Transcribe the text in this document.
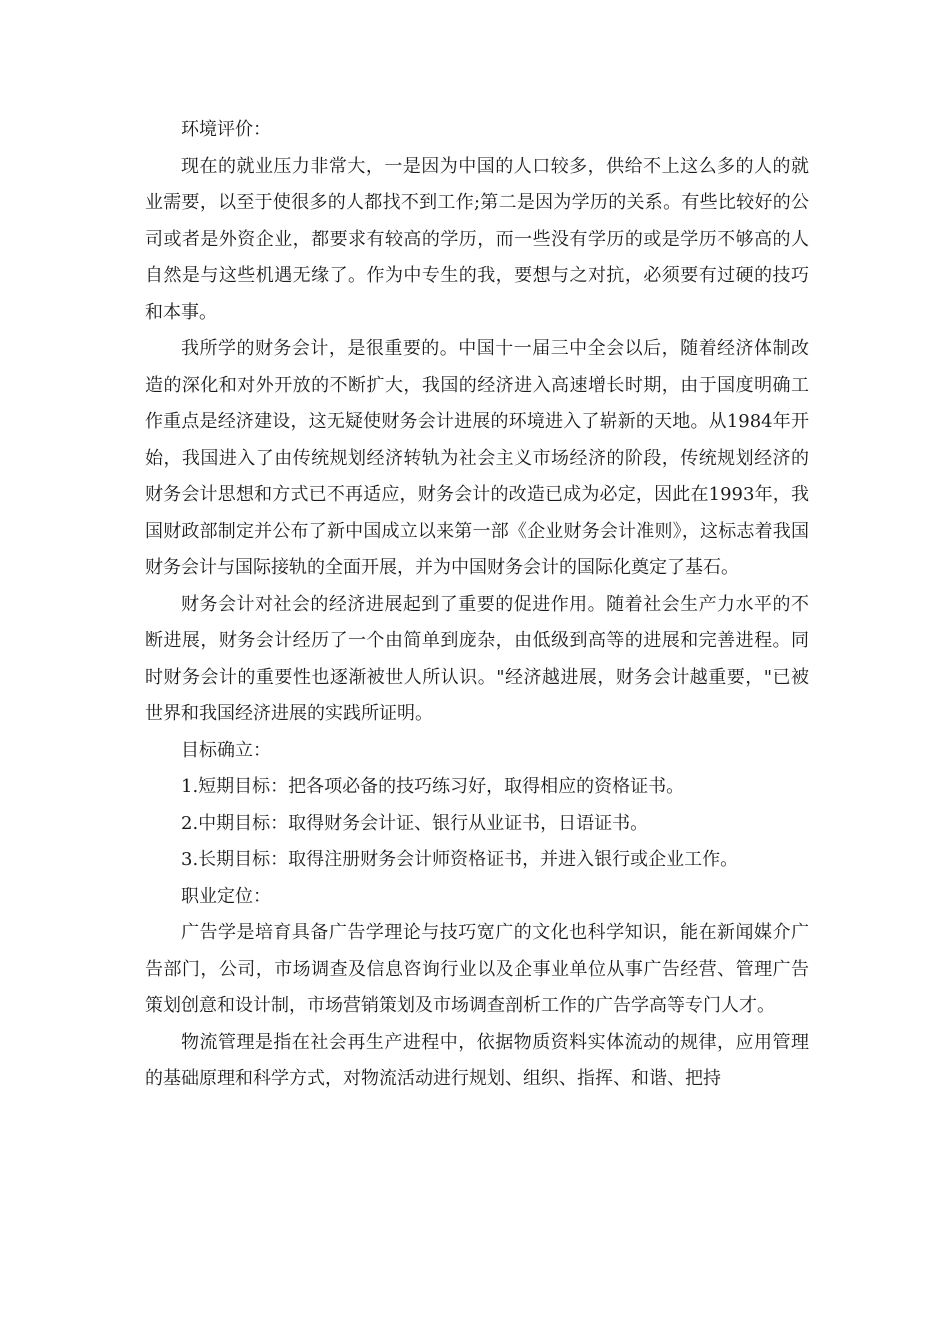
环境评价：

现在的就业压力非常大，一是因为中国的人口较多，供给不上这么多的人的就业需要，以至于使很多的人都找不到工作;第二是因为学历的关系。有些比较好的公司或者是外资企业，都要求有较高的学历，而一些没有学历的或是学历不够高的人自然是与这些机遇无缘了。作为中专生的我，要想与之对抗，必须要有过硬的技巧和本事。

我所学的财务会计，是很重要的。中国十一届三中全会以后，随着经济体制改造的深化和对外开放的不断扩大，我国的经济进入高速增长时期，由于国度明确工作重点是经济建设，这无疑使财务会计进展的环境进入了崭新的天地。从1984年开始，我国进入了由传统规划经济转轨为社会主义市场经济的阶段，传统规划经济的财务会计思想和方式已不再适应，财务会计的改造已成为必定，因此在1993年，我国财政部制定并公布了新中国成立以来第一部《企业财务会计准则》，这标志着我国财务会计与国际接轨的全面开展，并为中国财务会计的国际化奠定了基石。

财务会计对社会的经济进展起到了重要的促进作用。随着社会生产力水平的不断进展，财务会计经历了一个由简单到庞杂，由低级到高等的进展和完善进程。同时财务会计的重要性也逐渐被世人所认识。"经济越进展，财务会计越重要，"已被世界和我国经济进展的实践所证明。

目标确立：

1.短期目标：把各项必备的技巧练习好，取得相应的资格证书。

2.中期目标：取得财务会计证、银行从业证书，日语证书。

3.长期目标：取得注册财务会计师资格证书，并进入银行或企业工作。

职业定位：

广告学是培育具备广告学理论与技巧宽广的文化也科学知识，能在新闻媒介广告部门，公司，市场调查及信息咨询行业以及企事业单位从事广告经营、管理广告策划创意和设计制，市场营销策划及市场调查剖析工作的广告学高等专门人才。

物流管理是指在社会再生产进程中，依据物质资料实体流动的规律，应用管理的基础原理和科学方式，对物流活动进行规划、组织、指挥、和谐、把持
